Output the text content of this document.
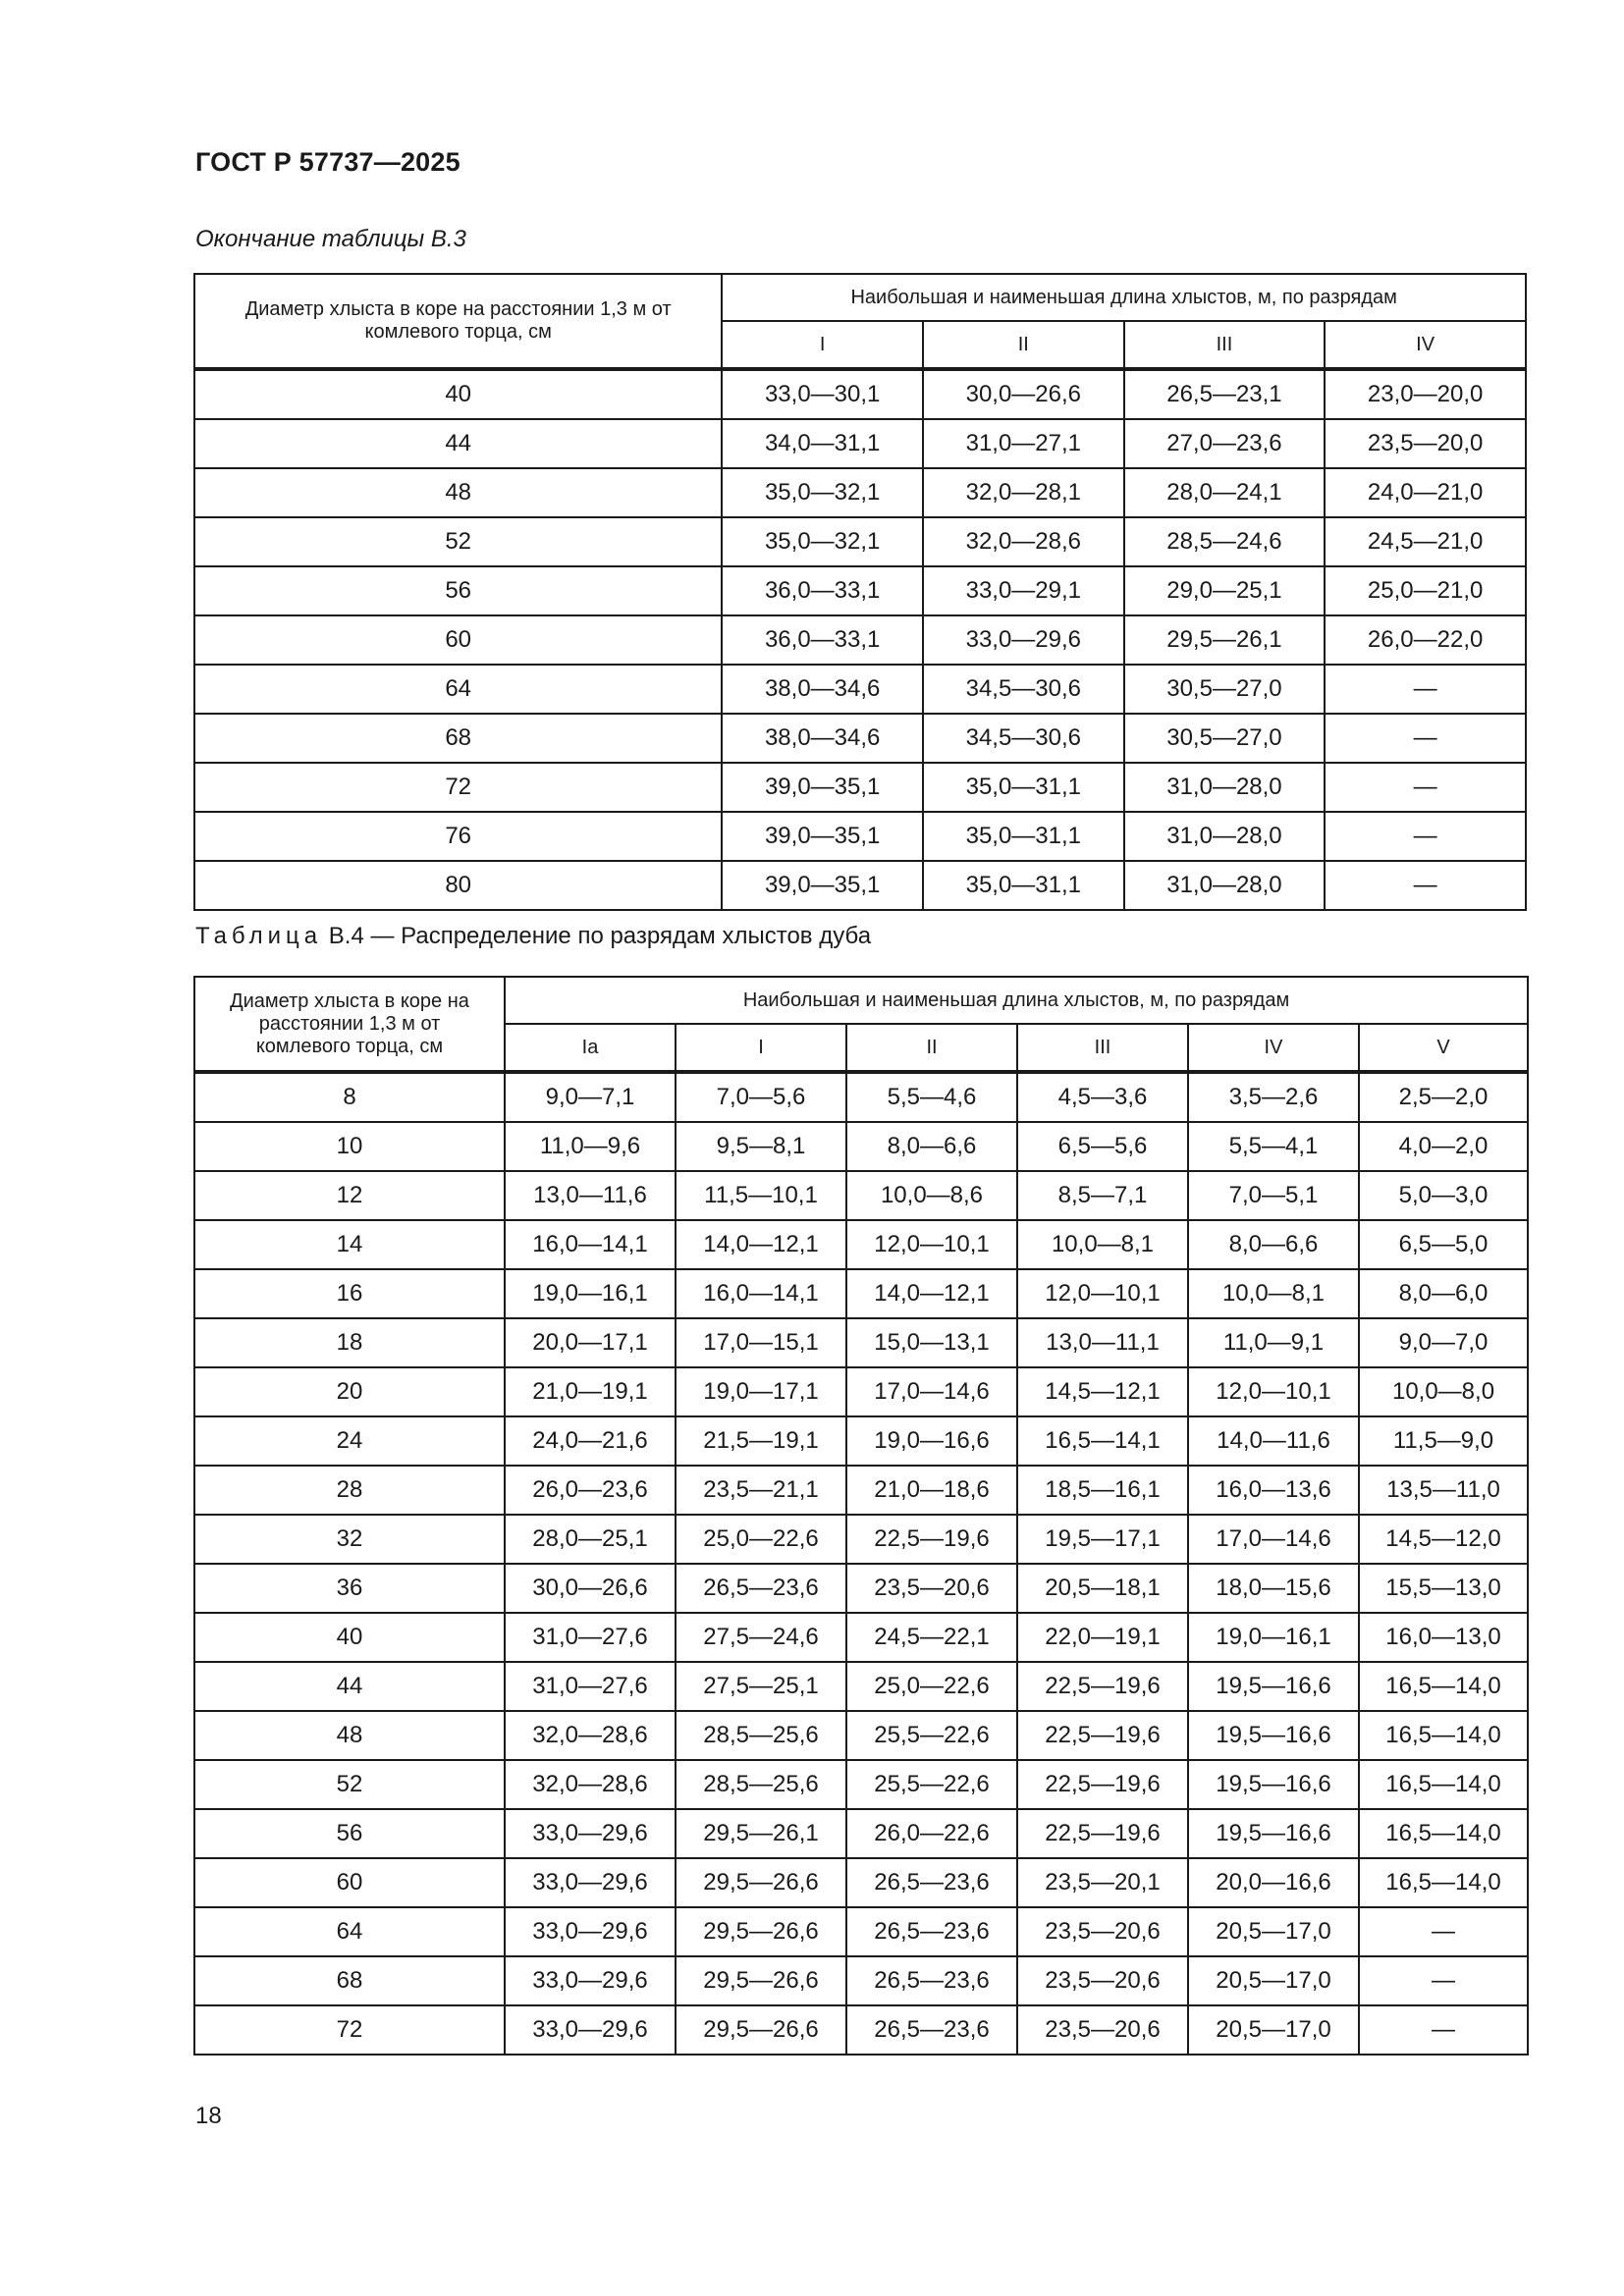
ГОСТ Р 57737—2025
Окончание таблицы В.3
Диаметр хлыста в коре на расстоянии 1,3 м от комлевого торца, см	Наибольшая и наименьшая длина хлыстов, м, по разрядам			
	I	II	III	IV
40	33,0—30,1	30,0—26,6	26,5—23,1	23,0—20,0
44	34,0—31,1	31,0—27,1	27,0—23,6	23,5—20,0
48	35,0—32,1	32,0—28,1	28,0—24,1	24,0—21,0
52	35,0—32,1	32,0—28,6	28,5—24,6	24,5—21,0
56	36,0—33,1	33,0—29,1	29,0—25,1	25,0—21,0
60	36,0—33,1	33,0—29,6	29,5—26,1	26,0—22,0
64	38,0—34,6	34,5—30,6	30,5—27,0	—
68	38,0—34,6	34,5—30,6	30,5—27,0	—
72	39,0—35,1	35,0—31,1	31,0—28,0	—
76	39,0—35,1	35,0—31,1	31,0—28,0	—
80	39,0—35,1	35,0—31,1	31,0—28,0	—
Таблица В.4 — Распределение по разрядам хлыстов дуба
Диаметр хлыста в коре на расстоянии 1,3 м от комлевого торца, см	Наибольшая и наименьшая длина хлыстов, м, по разрядам					
	Ia	I	II	III	IV	V
8	9,0—7,1	7,0—5,6	5,5—4,6	4,5—3,6	3,5—2,6	2,5—2,0
10	11,0—9,6	9,5—8,1	8,0—6,6	6,5—5,6	5,5—4,1	4,0—2,0
12	13,0—11,6	11,5—10,1	10,0—8,6	8,5—7,1	7,0—5,1	5,0—3,0
14	16,0—14,1	14,0—12,1	12,0—10,1	10,0—8,1	8,0—6,6	6,5—5,0
16	19,0—16,1	16,0—14,1	14,0—12,1	12,0—10,1	10,0—8,1	8,0—6,0
18	20,0—17,1	17,0—15,1	15,0—13,1	13,0—11,1	11,0—9,1	9,0—7,0
20	21,0—19,1	19,0—17,1	17,0—14,6	14,5—12,1	12,0—10,1	10,0—8,0
24	24,0—21,6	21,5—19,1	19,0—16,6	16,5—14,1	14,0—11,6	11,5—9,0
28	26,0—23,6	23,5—21,1	21,0—18,6	18,5—16,1	16,0—13,6	13,5—11,0
32	28,0—25,1	25,0—22,6	22,5—19,6	19,5—17,1	17,0—14,6	14,5—12,0
36	30,0—26,6	26,5—23,6	23,5—20,6	20,5—18,1	18,0—15,6	15,5—13,0
40	31,0—27,6	27,5—24,6	24,5—22,1	22,0—19,1	19,0—16,1	16,0—13,0
44	31,0—27,6	27,5—25,1	25,0—22,6	22,5—19,6	19,5—16,6	16,5—14,0
48	32,0—28,6	28,5—25,6	25,5—22,6	22,5—19,6	19,5—16,6	16,5—14,0
52	32,0—28,6	28,5—25,6	25,5—22,6	22,5—19,6	19,5—16,6	16,5—14,0
56	33,0—29,6	29,5—26,1	26,0—22,6	22,5—19,6	19,5—16,6	16,5—14,0
60	33,0—29,6	29,5—26,6	26,5—23,6	23,5—20,1	20,0—16,6	16,5—14,0
64	33,0—29,6	29,5—26,6	26,5—23,6	23,5—20,6	20,5—17,0	—
68	33,0—29,6	29,5—26,6	26,5—23,6	23,5—20,6	20,5—17,0	—
72	33,0—29,6	29,5—26,6	26,5—23,6	23,5—20,6	20,5—17,0	—
18
